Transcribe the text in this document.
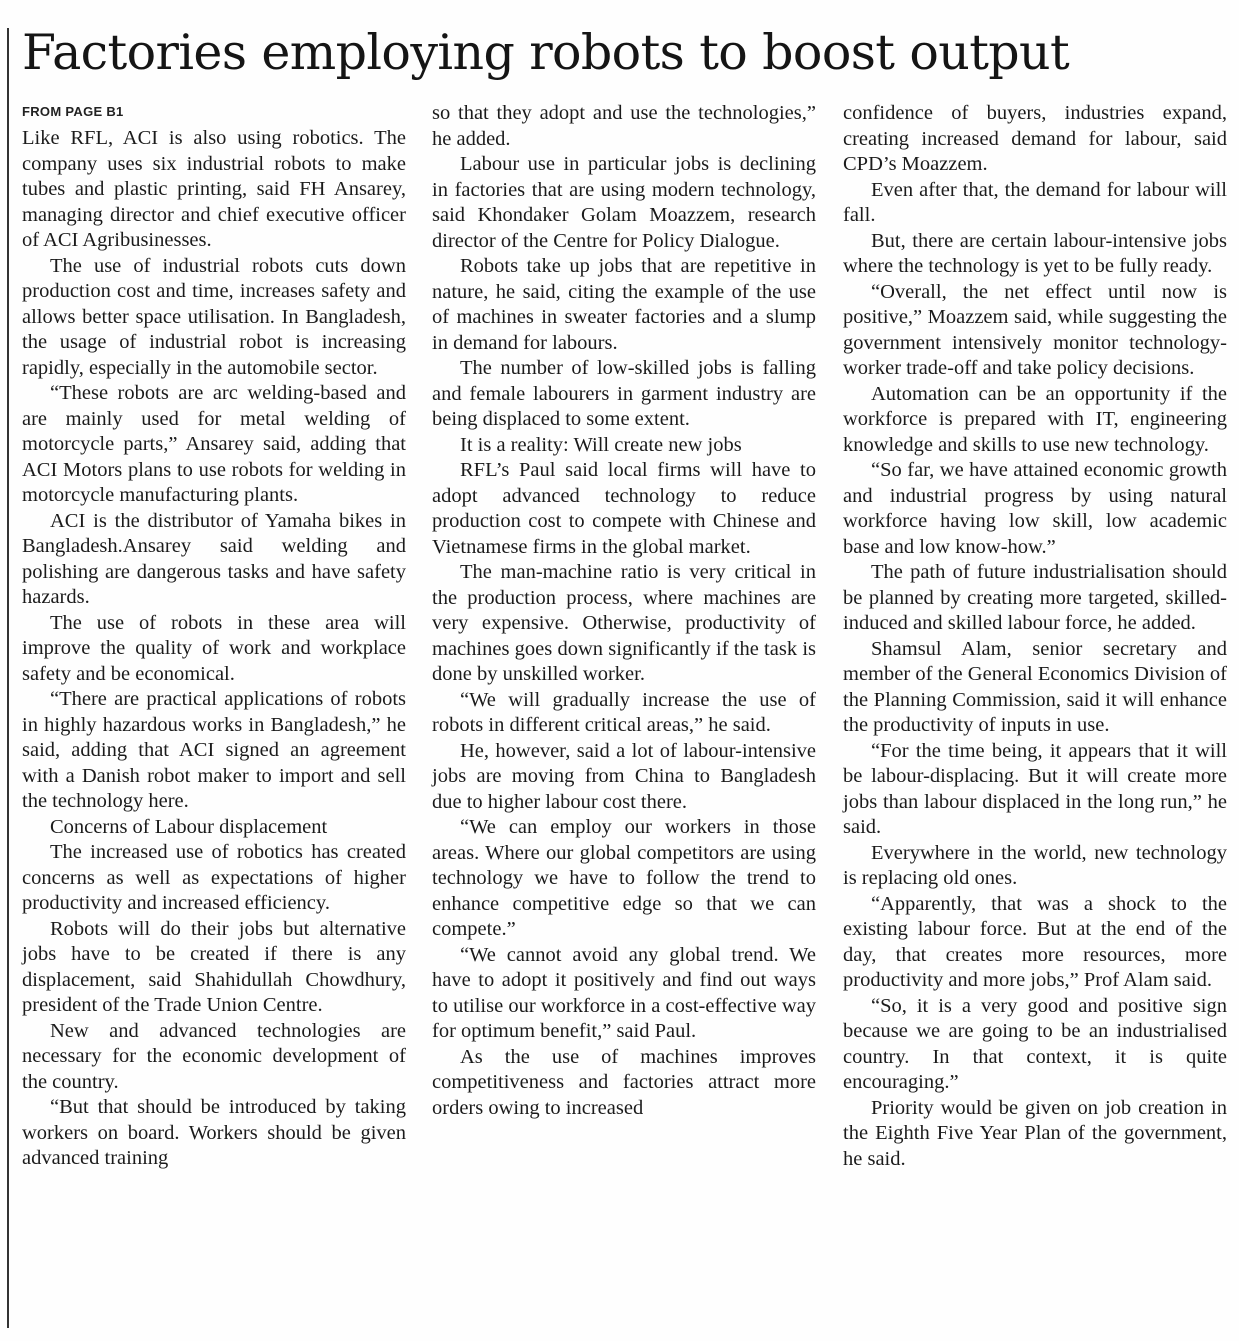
Factories employing robots to boost output
FROM PAGE B1

Like RFL, ACI is also using robotics. The company uses six industrial robots to make tubes and plastic printing, said FH Ansarey, managing director and chief executive officer of ACI Agribusinesses.

The use of industrial robots cuts down production cost and time, increases safety and allows better space utilisation. In Bangladesh, the usage of industrial robot is increasing rapidly, especially in the automobile sector.

“These robots are arc welding-based and are mainly used for metal welding of motorcycle parts,” Ansarey said, adding that ACI Motors plans to use robots for welding in motorcycle manufacturing plants.

ACI is the distributor of Yamaha bikes in Bangladesh.Ansarey said welding and polishing are dangerous tasks and have safety hazards.

The use of robots in these area will improve the quality of work and workplace safety and be economical.

“There are practical applications of robots in highly hazardous works in Bangladesh,” he said, adding that ACI signed an agreement with a Danish robot maker to import and sell the technology here.

Concerns of Labour displacement

The increased use of robotics has created concerns as well as expectations of higher productivity and increased efficiency.

Robots will do their jobs but alternative jobs have to be created if there is any displacement, said Shahidullah Chowdhury, president of the Trade Union Centre.

New and advanced technologies are necessary for the economic development of the country.

“But that should be introduced by taking workers on board. Workers should be given advanced training

so that they adopt and use the technologies,” he added.

Labour use in particular jobs is declining in factories that are using modern technology, said Khondaker Golam Moazzem, research director of the Centre for Policy Dialogue.

Robots take up jobs that are repetitive in nature, he said, citing the example of the use of machines in sweater factories and a slump in demand for labours.

The number of low-skilled jobs is falling and female labourers in garment industry are being displaced to some extent.

It is a reality: Will create new jobs

RFL’s Paul said local firms will have to adopt advanced technology to reduce production cost to compete with Chinese and Vietnamese firms in the global market.

The man-machine ratio is very critical in the production process, where machines are very expensive. Otherwise, productivity of machines goes down significantly if the task is done by unskilled worker.

“We will gradually increase the use of robots in different critical areas,” he said.

He, however, said a lot of labour-intensive jobs are moving from China to Bangladesh due to higher labour cost there.

“We can employ our workers in those areas. Where our global competitors are using technology we have to follow the trend to enhance competitive edge so that we can compete.”

“We cannot avoid any global trend. We have to adopt it positively and find out ways to utilise our workforce in a cost-effective way for optimum benefit,” said Paul.

As the use of machines improves competitiveness and factories attract more orders owing to increased

confidence of buyers, industries expand, creating increased demand for labour, said CPD’s Moazzem.

Even after that, the demand for labour will fall.

But, there are certain labour-intensive jobs where the technology is yet to be fully ready.

“Overall, the net effect until now is positive,” Moazzem said, while suggesting the government intensively monitor technology-worker trade-off and take policy decisions.

Automation can be an opportunity if the workforce is prepared with IT, engineering knowledge and skills to use new technology.

“So far, we have attained economic growth and industrial progress by using natural workforce having low skill, low academic base and low know-how.”

The path of future industrialisation should be planned by creating more targeted, skilled-induced and skilled labour force, he added.

Shamsul Alam, senior secretary and member of the General Economics Division of the Planning Commission, said it will enhance the productivity of inputs in use.

“For the time being, it appears that it will be labour-displacing. But it will create more jobs than labour displaced in the long run,” he said.

Everywhere in the world, new technology is replacing old ones.

“Apparently, that was a shock to the existing labour force. But at the end of the day, that creates more resources, more productivity and more jobs,” Prof Alam said.

“So, it is a very good and positive sign because we are going to be an industrialised country. In that context, it is quite encouraging.”

Priority would be given on job creation in the Eighth Five Year Plan of the government, he said.
